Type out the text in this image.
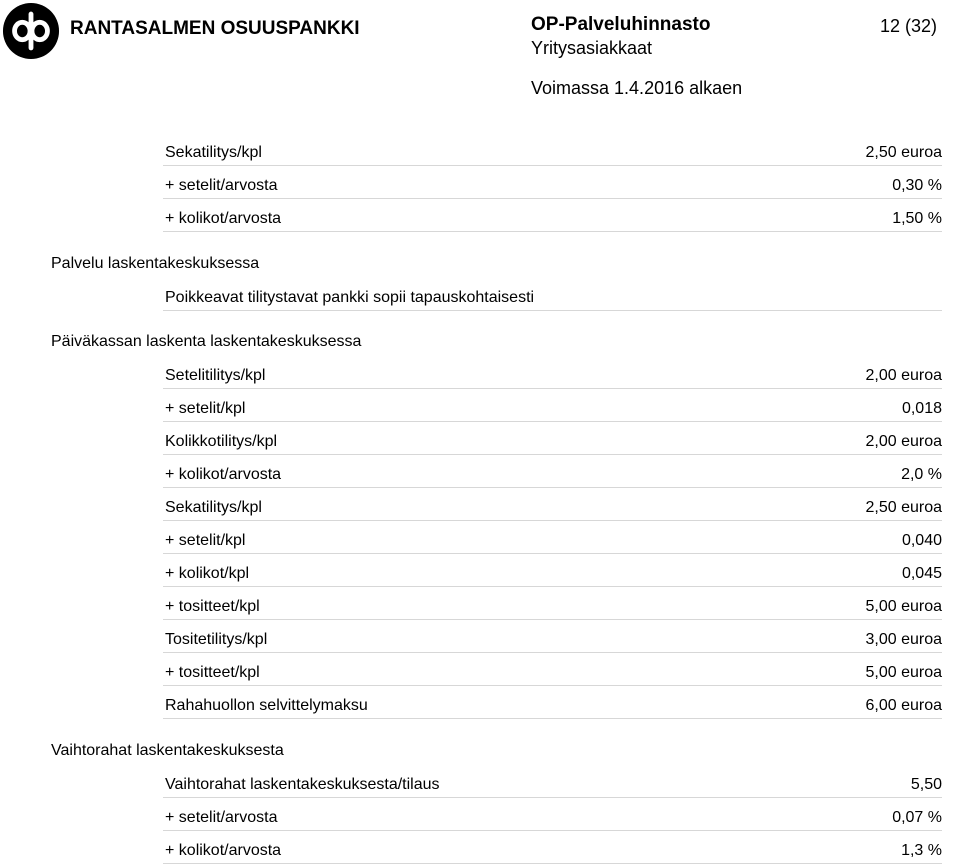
RANTASALMEN OSUUSPANKKI	OP-Palveluhinnasto
Yritysasiakkaat
12 (32)
Voimassa 1.4.2016 alkaen
Sekatilitys/kpl	2,50 euroa
+ setelit/arvosta	0,30 %
+ kolikot/arvosta	1,50 %
Palvelu laskentakeskuksessa
Poikkeavat tilitystavat pankki sopii tapauskohtaisesti
Päiväkassan laskenta laskentakeskuksessa
Setelitilitys/kpl	2,00 euroa
+ setelit/kpl	0,018
Kolikkotilitys/kpl	2,00 euroa
+ kolikot/arvosta	2,0 %
Sekatilitys/kpl	2,50 euroa
+ setelit/kpl	0,040
+ kolikot/kpl	0,045
+ tositteet/kpl	5,00 euroa
Tositetilitys/kpl	3,00 euroa
+ tositteet/kpl	5,00 euroa
Rahahuollon selvittelymaksu	6,00 euroa
Vaihtorahat laskentakeskuksesta
Vaihtorahat laskentakeskuksesta/tilaus	5,50
+ setelit/arvosta	0,07 %
+ kolikot/arvosta	1,3 %
